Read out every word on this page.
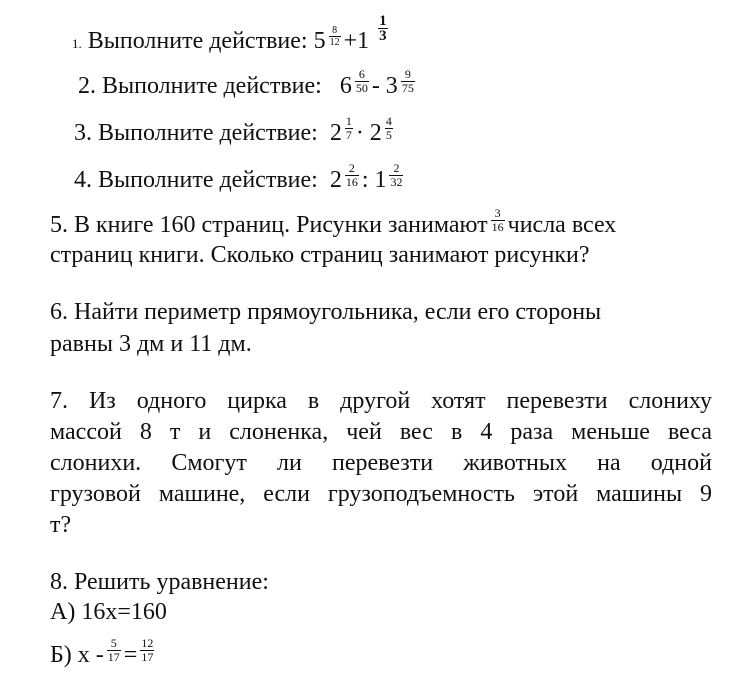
1. Выполните действие: $5 \frac{8}{12} +1 \frac{1}{3}$
2. Выполните действие: $6 \frac{6}{50} - 3 \frac{9}{75}$
3. Выполните действие: $2 \frac{1}{7} \cdot 2 \frac{4}{5}$
4. Выполните действие: $2 \frac{2}{16}$ : $1 \frac{2}{32}$
5. В книге 160 страниц. Рисунки занимают $\frac{3}{16}$ числа всех
страниц книги. Сколько страниц занимают рисунки?
6. Найти периметр прямоугольника, если его стороны
равны 3 дм и 11 дм.
7. Из одного цирка в другой хотят перевезти слониху
массой 8 т и слоненка, чей вес в 4 раза меньше веса
слонихи. Смогут ли перевезти животных на одной
грузовой машине, если грузоподъемность этой машины 9
т?
8. Решить уравнение:
А) 16х=160
Б) $х - \frac{5}{17} = \frac{12}{17}$
